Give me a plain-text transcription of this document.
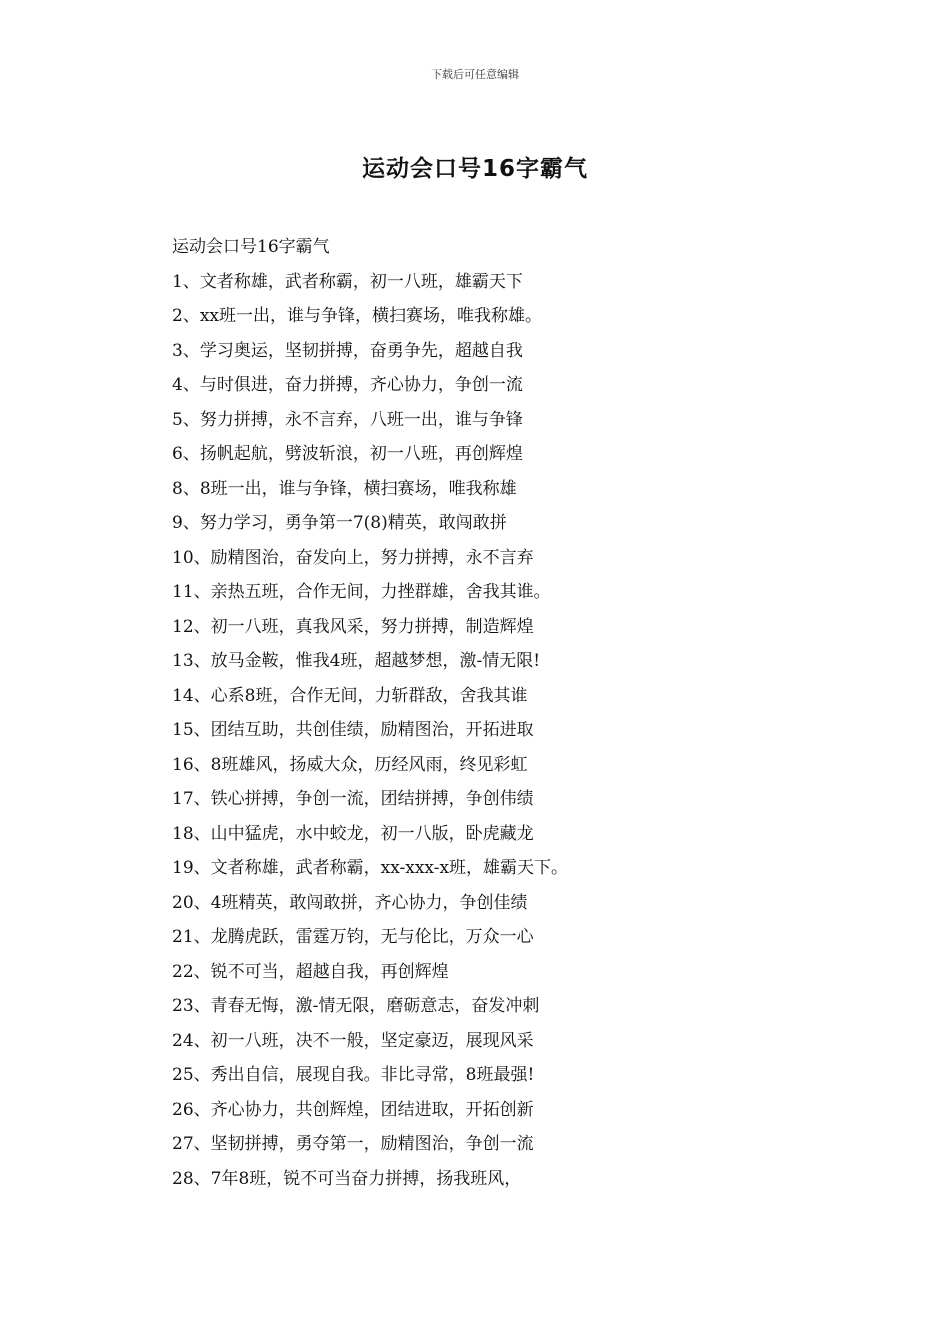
下载后可任意编辑
运动会口号16字霸气
运动会口号16字霸气
1、文者称雄，武者称霸，初一八班，雄霸天下
2、xx班一出，谁与争锋，横扫赛场，唯我称雄。
3、学习奥运，坚韧拼搏，奋勇争先，超越自我
4、与时俱进，奋力拼搏，齐心协力，争创一流
5、努力拼搏，永不言弃，八班一出，谁与争锋
6、扬帆起航，劈波斩浪，初一八班，再创辉煌
8、8班一出，谁与争锋，横扫赛场，唯我称雄
9、努力学习，勇争第一7(8)精英，敢闯敢拼
10、励精图治，奋发向上，努力拼搏，永不言弃
11、亲热五班，合作无间，力挫群雄，舍我其谁。
12、初一八班，真我风采，努力拼搏，制造辉煌
13、放马金鞍，惟我4班，超越梦想，激-情无限!
14、心系8班，合作无间，力斩群敌，舍我其谁
15、团结互助，共创佳绩，励精图治，开拓进取
16、8班雄风，扬威大众，历经风雨，终见彩虹
17、铁心拼搏，争创一流，团结拼搏，争创伟绩
18、山中猛虎，水中蛟龙，初一八版，卧虎藏龙
19、文者称雄，武者称霸，xx-xxx-x班，雄霸天下。
20、4班精英，敢闯敢拼，齐心协力，争创佳绩
21、龙腾虎跃，雷霆万钧，无与伦比，万众一心
22、锐不可当，超越自我，再创辉煌
23、青春无悔，激-情无限，磨砺意志，奋发冲刺
24、初一八班，决不一般，坚定豪迈，展现风采
25、秀出自信，展现自我。非比寻常，8班最强!
26、齐心协力，共创辉煌，团结进取，开拓创新
27、坚韧拼搏，勇夺第一，励精图治，争创一流
28、7年8班，锐不可当奋力拼搏，扬我班风，
